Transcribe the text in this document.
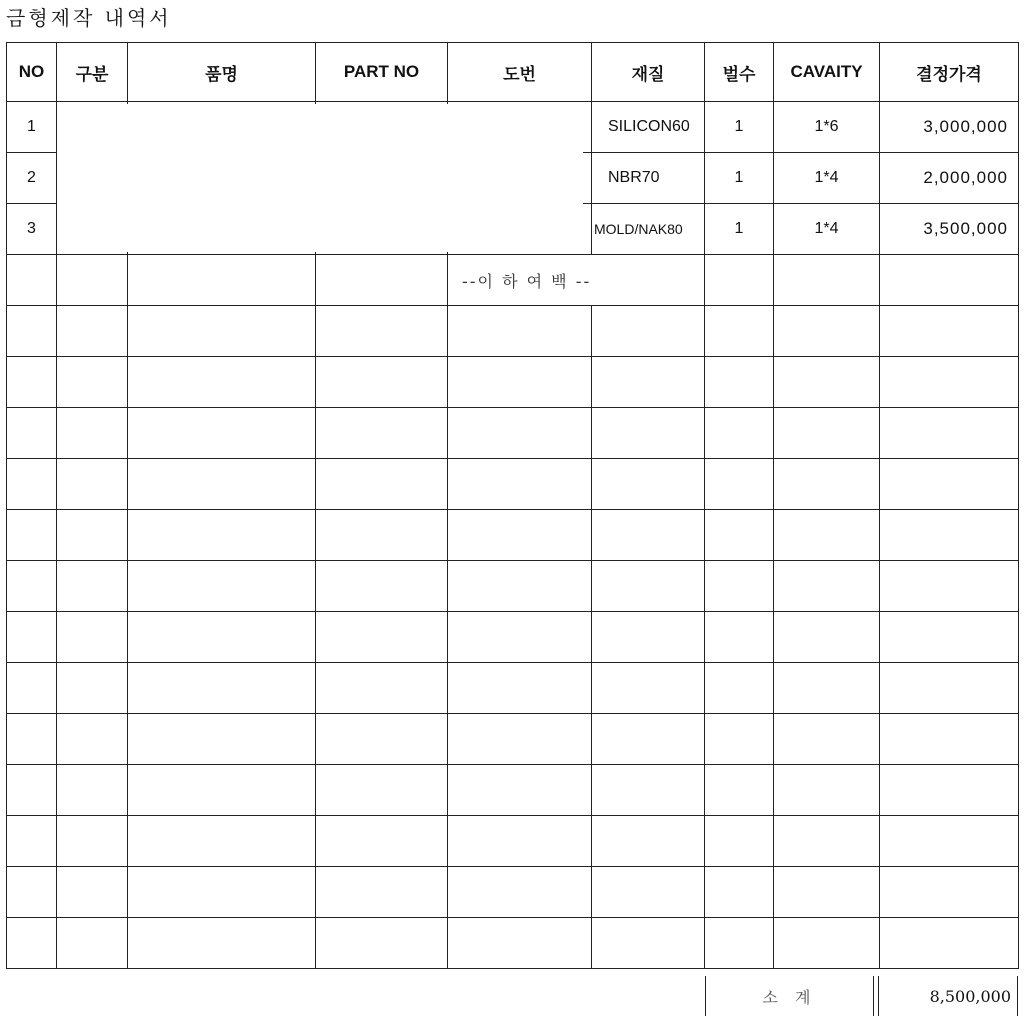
금형제작 내역서
NO	구분	품명	PART NO	도번	재질	벌수	CAVAITY	결정가격
1					SILICON60	1	1*6	3,000,000
2					NBR70	1	1*4	2,000,000
3					MOLD/NAK80	1	1*4	3,500,000
				--이 하 여 백 --				

소 계	8,500,000
